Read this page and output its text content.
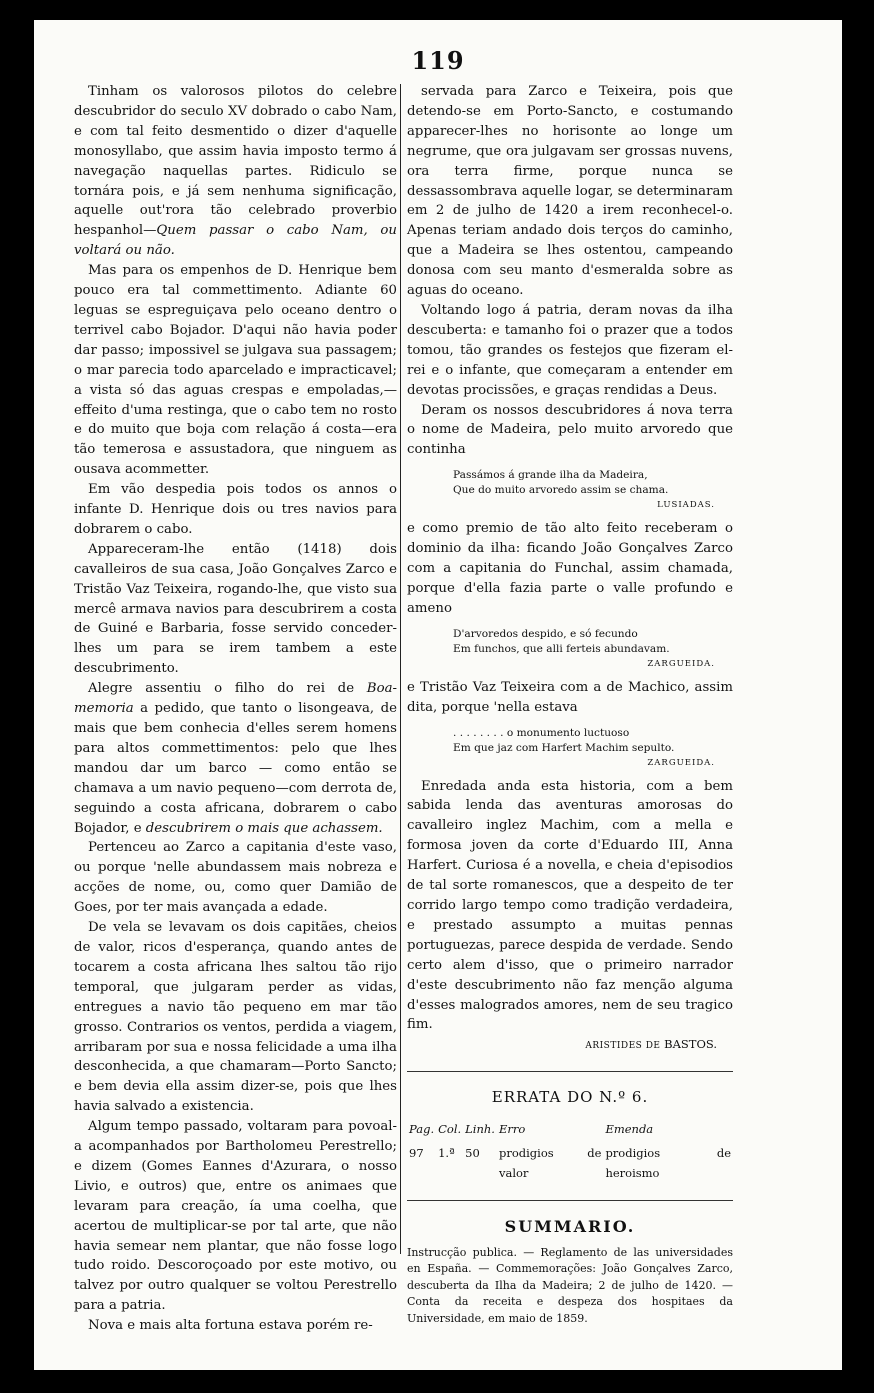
119

Tinham os valorosos pilotos do celebre descubridor do seculo XV dobrado o cabo Nam, e com tal feito desmentido o dizer d'aquelle monosyllabo, que assim havia imposto termo á navegação naquellas partes. Ridiculo se tornára pois, e já sem nenhuma significação, aquelle out'rora tão celebrado proverbio hespanhol—Quem passar o cabo Nam, ou voltará ou não.

Mas para os empenhos de D. Henrique bem pouco era tal commettimento. Adiante 60 leguas se espreguiçava pelo oceano dentro o terrivel cabo Bojador. D'aqui não havia poder dar passo; impossivel se julgava sua passagem; o mar parecia todo aparcelado e impracticavel; a vista só das aguas crespas e empoladas,—effeito d'uma restinga, que o cabo tem no rosto e do muito que boja com relação á costa—era tão temerosa e assustadora, que ninguem as ousava acommetter.

Em vão despedia pois todos os annos o infante D. Henrique dois ou tres navios para dobrarem o cabo.

Appareceram-lhe então (1418) dois cavalleiros de sua casa, João Gonçalves Zarco e Tristão Vaz Teixeira, rogando-lhe, que visto sua mercê armava navios para descubrirem a costa de Guiné e Barbaria, fosse servido conceder-lhes um para se irem tambem a este descubrimento.

Alegre assentiu o filho do rei de Boa-memoria a pedido, que tanto o lisongeava, de mais que bem conhecia d'elles serem homens para altos commettimentos: pelo que lhes mandou dar um barco — como então se chamava a um navio pequeno—com derrota de, seguindo a costa africana, dobrarem o cabo Bojador, e descubrirem o mais que achassem.

Pertenceu ao Zarco a capitania d'este vaso, ou porque 'nelle abundassem mais nobreza e acções de nome, ou, como quer Damião de Goes, por ter mais avançada a edade.

De vela se levavam os dois capitães, cheios de valor, ricos d'esperança, quando antes de tocarem a costa africana lhes saltou tão rijo temporal, que julgaram perder as vidas, entregues a navio tão pequeno em mar tão grosso. Contrarios os ventos, perdida a viagem, arribaram por sua e nossa felicidade a uma ilha desconhecida, a que chamaram—Porto Sancto; e bem devia ella assim dizer-se, pois que lhes havia salvado a existencia.

Algum tempo passado, voltaram para povoal-a acompanhados por Bartholomeu Perestrello; e dizem (Gomes Eannes d'Azurara, o nosso Livio, e outros) que, entre os animaes que levaram para creação, ía uma coelha, que acertou de multiplicar-se por tal arte, que não havia semear nem plantar, que não fosse logo tudo roido. Descoroçoado por este motivo, ou talvez por outro qualquer se voltou Perestrello para a patria.

Nova e mais alta fortuna estava porém re-

servada para Zarco e Teixeira, pois que detendo-se em Porto-Sancto, e costumando apparecer-lhes no horisonte ao longe um negrume, que ora julgavam ser grossas nuvens, ora terra firme, porque nunca se dessassombrava aquelle logar, se determinaram em 2 de julho de 1420 a irem reconhecel-o. Apenas teriam andado dois terços do caminho, que a Madeira se lhes ostentou, campeando donosa com seu manto d'esmeralda sobre as aguas do oceano.

Voltando logo á patria, deram novas da ilha descuberta: e tamanho foi o prazer que a todos tomou, tão grandes os festejos que fizeram el-rei e o infante, que começaram a entender em devotas procissões, e graças rendidas a Deus.

Deram os nossos descubridores á nova terra o nome de Madeira, pelo muito arvoredo que continha

Passámos á grande ilha da Madeira,
Que do muito arvoredo assim se chama.
LUSIADAS.

e como premio de tão alto feito receberam o dominio da ilha: ficando João Gonçalves Zarco com a capitania do Funchal, assim chamada, porque d'ella fazia parte o valle profundo e ameno

D'arvoredos despido, e só fecundo
Em funchos, que alli ferteis abundavam.
ZARGUEIDA.

e Tristão Vaz Teixeira com a de Machico, assim dita, porque 'nella estava

. . . . . . . . o monumento luctuoso
Em que jaz com Harfert Machim sepulto.
ZARGUEIDA.

Enredada anda esta historia, com a bem sabida lenda das aventuras amorosas do cavalleiro inglez Machim, com a mella e formosa joven da corte d'Eduardo III, Anna Harfert. Curiosa é a novella, e cheia d'episodios de tal sorte romanescos, que a despeito de ter corrido largo tempo como tradição verdadeira, e prestado assumpto a muitas pennas portuguezas, parece despida de verdade. Sendo certo alem d'isso, que o primeiro narrador d'este descubrimento não faz menção alguma d'esses malogrados amores, nem de seu tragico fim.

ARISTIDES DE BASTOS.
ERRATA DO N.º 6.
Pag.	Col.	Linh.	Erro	Emenda
97	1.ª	50	prodigios de valor	prodigios de heroismo
SUMMARIO.
Instrucção publica. — Reglamento de las universidades en España. — Commemorações: João Gonçalves Zarco, descuberta da Ilha da Madeira; 2 de julho de 1420. — Conta da receita e despeza dos hospitaes da Universidade, em maio de 1859.
